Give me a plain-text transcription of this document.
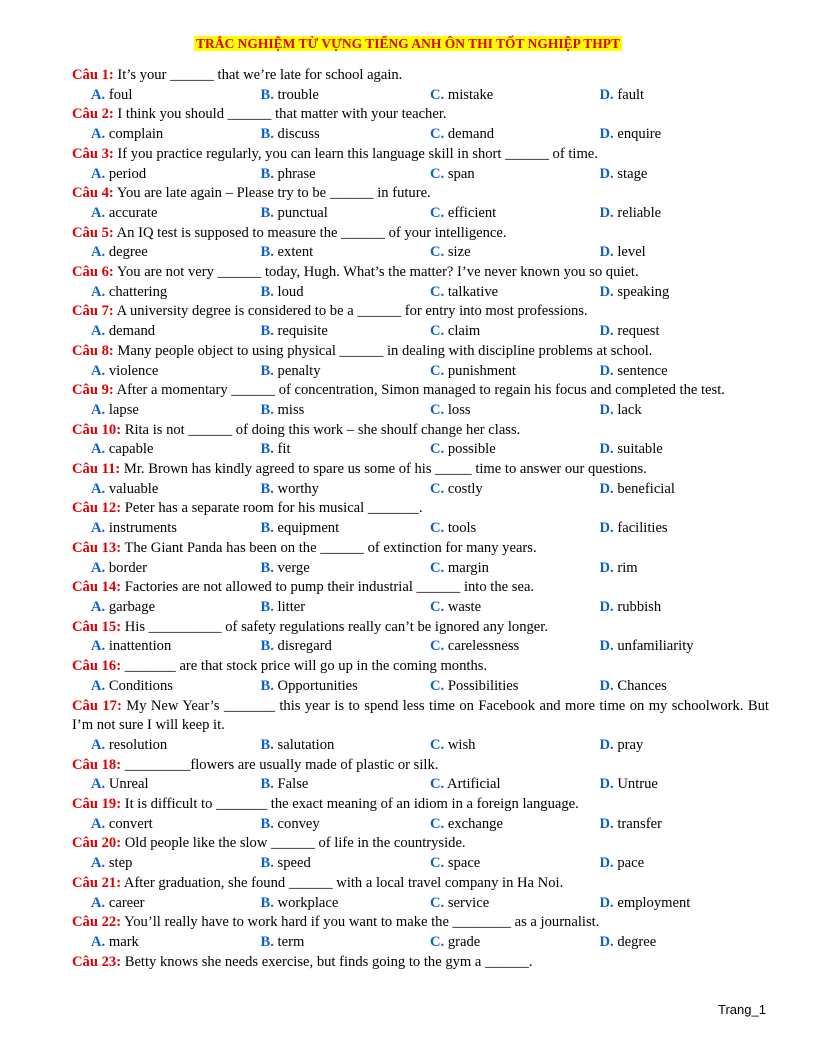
TRẮC NGHIỆM TỪ VỰNG TIẾNG ANH ÔN THI TỐT NGHIỆP THPT
Câu 1: It’s your ______ that we’re late for school again.
A. foul	B. trouble	C. mistake	D. fault
Câu 2: I think you should ______ that matter with your teacher.
A. complain	B. discuss	C. demand	D. enquire
Câu 3: If you practice regularly, you can learn this language skill in short ______ of time.
A. period	B. phrase	C. span	D. stage
Câu 4: You are late again – Please try to be ______ in future.
A. accurate	B. punctual	C. efficient	D. reliable
Câu 5: An IQ test is supposed to measure the ______ of your intelligence.
A. degree	B. extent	C. size	D. level
Câu 6: You are not very ______ today, Hugh. What’s the matter? I’ve never known you so quiet.
A. chattering	B. loud	C. talkative	D. speaking
Câu 7: A university degree is considered to be a ______ for entry into most professions.
A. demand	B. requisite	C. claim	D. request
Câu 8: Many people object to using physical ______ in dealing with discipline problems at school.
A. violence	B. penalty	C. punishment	D. sentence
Câu 9: After a momentary ______ of concentration, Simon managed to regain his focus and completed the test.
A. lapse	B. miss	C. loss	D. lack
Câu 10: Rita is not ______ of doing this work – she shoulf change her class.
A. capable	B. fit	C. possible	D. suitable
Câu 11: Mr. Brown has kindly agreed to spare us some of his _____ time to answer our questions.
A. valuable	B. worthy	C. costly	D. beneficial
Câu 12: Peter has a separate room for his musical _______.
A. instruments	B. equipment	C. tools	D. facilities
Câu 13: The Giant Panda has been on the ______ of extinction for many years.
A. border	B. verge	C. margin	D. rim
Câu 14: Factories are not allowed to pump their industrial ______ into the sea.
A. garbage	B. litter	C. waste	D. rubbish
Câu 15: His __________ of safety regulations really can’t be ignored any longer.
A. inattention	B. disregard	C. carelessness	D. unfamiliarity
Câu 16: _______ are that stock price will go up in the coming months.
A. Conditions	B. Opportunities	C. Possibilities	D. Chances
Câu 17: My New Year’s _______ this year is to spend less time on Facebook and more time on my schoolwork. But I’m not sure I will keep it.
A. resolution	B. salutation	C. wish	D. pray
Câu 18: _________flowers are usually made of plastic or silk.
A. Unreal	B. False	C. Artificial	D. Untrue
Câu 19: It is difficult to _______ the exact meaning of an idiom in a foreign language.
A. convert	B. convey	C. exchange	D. transfer
Câu 20: Old people like the slow ______ of life in the countryside.
A. step	B. speed	C. space	D. pace
Câu 21: After graduation, she found ______ with a local travel company in Ha Noi.
A. career	B. workplace	C. service	D. employment
Câu 22: You’ll really have to work hard if you want to make the ________ as a journalist.
A. mark	B. term	C. grade	D. degree
Câu 23: Betty knows she needs exercise, but finds going to the gym a ______.
Trang_1
